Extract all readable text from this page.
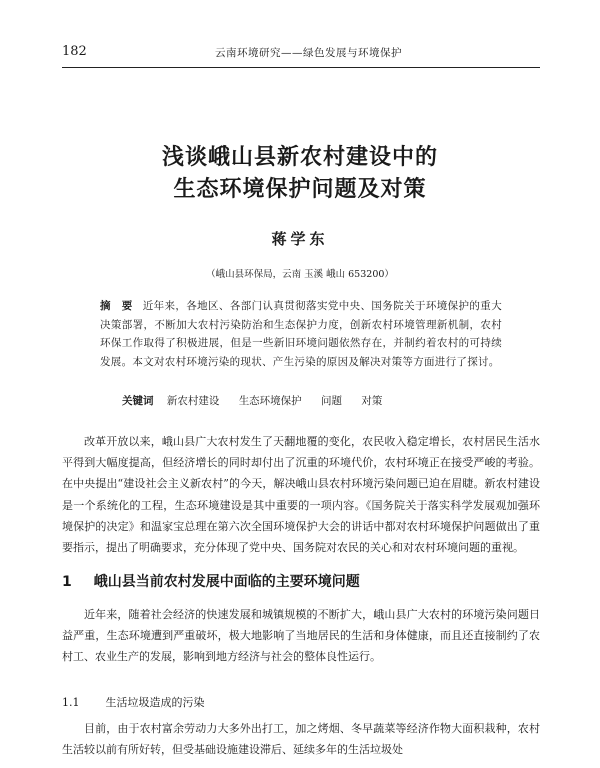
182	云南环境研究——绿色发展与环境保护
浅谈峨山县新农村建设中的
生态环境保护问题及对策
蒋学东
（峨山县环保局，云南 玉溪 峨山 653200）
摘　要 近年来，各地区、各部门认真贯彻落实党中央、国务院关于环境保护的重大决策部署，不断加大农村污染防治和生态保护力度，创新农村环境管理新机制，农村环保工作取得了积极进展，但是一些新旧环境问题依然存在，并制约着农村的可持续发展。本文对农村环境污染的现状、产生污染的原因及解决对策等方面进行了探讨。
关键词 新农村建设 生态环境保护 问题 对策
改革开放以来，峨山县广大农村发生了天翻地覆的变化，农民收入稳定增长，农村居民生活水平得到大幅度提高，但经济增长的同时却付出了沉重的环境代价，农村环境正在接受严峻的考验。在中央提出“建设社会主义新农村”的今天，解决峨山县农村环境污染问题已迫在眉睫。新农村建设是一个系统化的工程，生态环境建设是其中重要的一项内容。《国务院关于落实科学发展观加强环境保护的决定》和温家宝总理在第六次全国环境保护大会的讲话中都对农村环境保护问题做出了重要指示，提出了明确要求，充分体现了党中央、国务院对农民的关心和对农村环境问题的重视。
1 峨山县当前农村发展中面临的主要环境问题
近年来，随着社会经济的快速发展和城镇规模的不断扩大，峨山县广大农村的环境污染问题日益严重，生态环境遭到严重破坏，极大地影响了当地居民的生活和身体健康，而且还直接制约了农村工、农业生产的发展，影响到地方经济与社会的整体良性运行。
1.1 生活垃圾造成的污染
目前，由于农村富余劳动力大多外出打工，加之烤烟、冬早蔬菜等经济作物大面积栽种，农村生活较以前有所好转，但受基础设施建设滞后、延续多年的生活垃圾处
